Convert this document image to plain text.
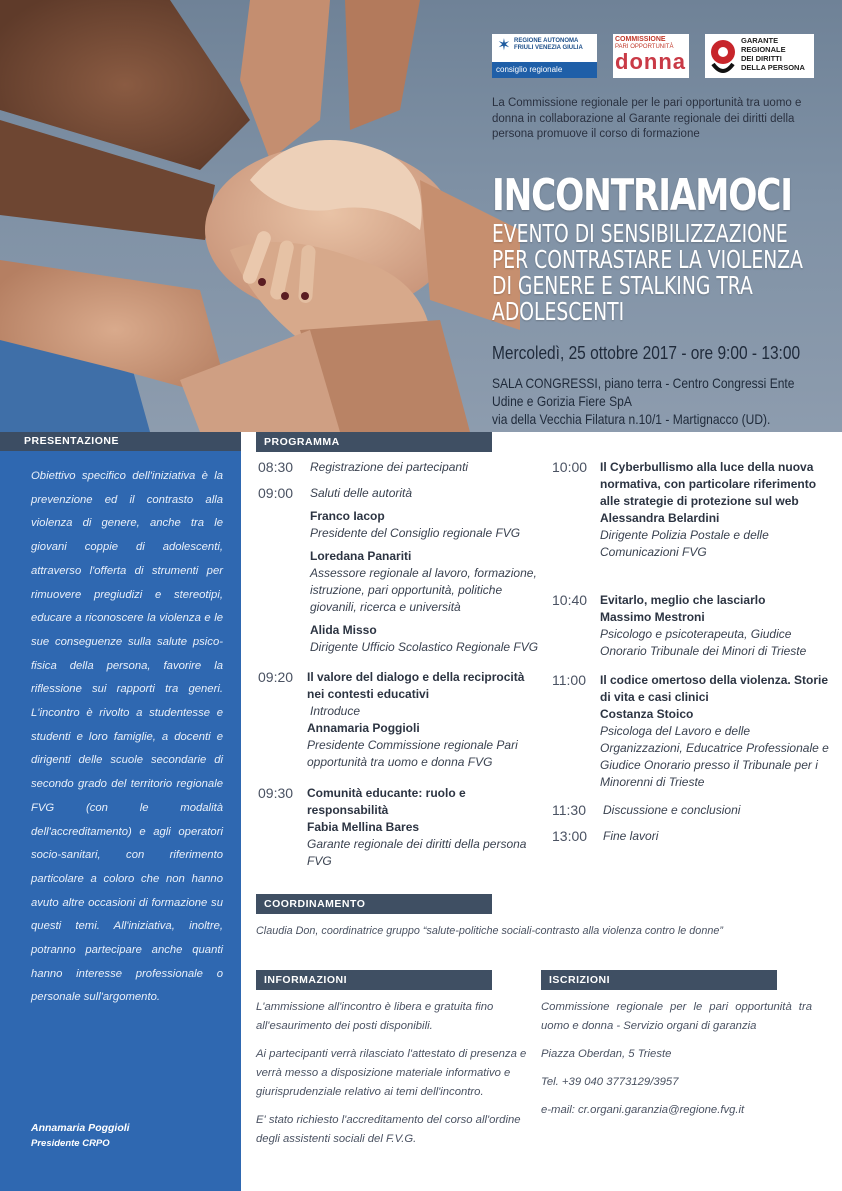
✶ REGIONE AUTONOMA FRIULI VENEZIA GIULIA
consiglio regionale
COMMISSIONE
PARI OPPORTUNITÀ
donna
GARANTE
REGIONALE
DEI DIRITTI
DELLA PERSONA
La Commissione regionale per le pari opportunità tra uomo e donna in collaborazione al Garante regionale dei diritti della persona promuove il corso di formazione
INCONTRIAMOCI
EVENTO DI SENSIBILIZZAZIONE
PER CONTRASTARE LA VIOLENZA
DI GENERE E STALKING TRA
ADOLESCENTI
Mercoledì, 25 ottobre 2017 - ore 9:00 - 13:00
SALA CONGRESSI, piano terra - Centro Congressi Ente
Udine e Gorizia Fiere SpA
via della Vecchia Filatura n.10/1 - Martignacco (UD).
PRESENTAZIONE
Obiettivo specifico dell'iniziativa è la prevenzione ed il contrasto alla violenza di genere, anche tra le giovani coppie di adolescenti, attraverso l'offerta di strumenti per rimuovere pregiudizi e stereotipi, educare a riconoscere la violenza e le sue conseguenze sulla salute psico-fisica della persona, favorire la riflessione sui rapporti tra generi. L'incontro è rivolto a studentesse e studenti e loro famiglie, a docenti e dirigenti delle scuole secondarie di secondo grado del territorio regionale FVG (con le modalità dell'accreditamento) e agli operatori socio-sanitari, con riferimento particolare a coloro che non hanno avuto altre occasioni di formazione su questi temi. All'iniziativa, inoltre, potranno partecipare anche quanti hanno interesse professionale o personale sull'argomento.
Annamaria Poggioli
Presidente CRPO
PROGRAMMA
08:30 Registrazione dei partecipanti
09:00 Saluti delle autorità

Franco Iacop

Presidente del Consiglio regionale FVG

Loredana Panariti

Assessore regionale al lavoro, formazione, istruzione, pari opportunità, politiche giovanili, ricerca e università

Alida Misso

Dirigente Ufficio Scolastico Regionale FVG

09:20 Il valore del dialogo e della reciprocità nei contesti educativi

Introduce

Annamaria Poggioli

Presidente Commissione regionale Pari opportunità tra uomo e donna FVG

09:30 Comunità educante: ruolo e responsabilità

Fabia Mellina Bares

Garante regionale dei diritti della persona FVG

10:00 Il Cyberbullismo alla luce della nuova normativa, con particolare riferimento alle strategie di protezione sul web

Alessandra Belardini

Dirigente Polizia Postale e delle Comunicazioni FVG

10:40 Evitarlo, meglio che lasciarlo

Massimo Mestroni

Psicologo e psicoterapeuta, Giudice Onorario Tribunale dei Minori di Trieste

11:00 Il codice omertoso della violenza. Storie di vita e casi clinici

Costanza Stoico

Psicologa del Lavoro e delle Organizzazioni, Educatrice Professionale e Giudice Onorario presso il Tribunale per i Minorenni di Trieste

11:30 Discussione e conclusioni
13:00 Fine lavori
COORDINAMENTO
Claudia Don, coordinatrice gruppo “salute-politiche sociali-contrasto alla violenza contro le donne”
INFORMAZIONI

L'ammissione all'incontro è libera e gratuita fino all'esaurimento dei posti disponibili.

Ai partecipanti verrà rilasciato l'attestato di presenza e verrà messo a disposizione materiale informativo e giurisprudenziale relativo ai temi dell'incontro.

E' stato richiesto l'accreditamento del corso all'ordine degli assistenti sociali del F.V.G.

ISCRIZIONI

Commissione regionale per le pari opportunità tra uomo e donna - Servizio organi di garanzia

Piazza Oberdan, 5 Trieste

Tel. +39 040 3773129/3957

e-mail: cr.organi.garanzia@regione.fvg.it
